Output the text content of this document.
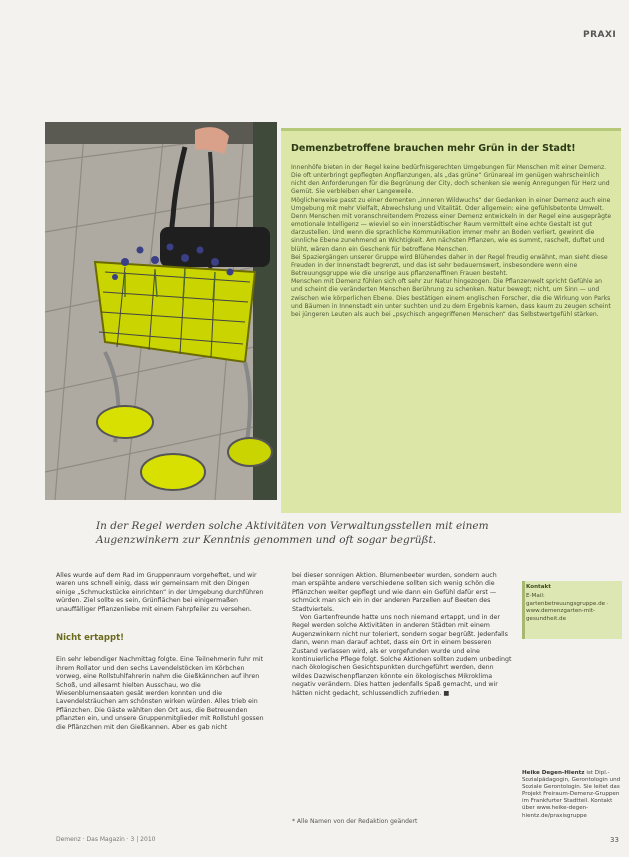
PRAXI
Demenzbetroffene brauchen mehr Grün in der Stadt!

Innenhöfe bieten in der Regel keine bedürfnisgerechten Umgebungen für Menschen mit einer Demenz. Die oft unterbringt gepflegten Anpflanzungen, als „das grüne“ Grünareal im genügen wahrscheinlich nicht den Anforderungen für die Begrünung der City, doch schenken sie wenig Anregungen für Herz und Gemüt. Sie verbleiben eher Langeweile.

Möglicherweise passt zu einer dementen „inneren Wildwuchs“ der Gedanken in einer Demenz auch eine Umgebung mit mehr Vielfalt, Abwechslung und Vitalität. Oder allgemein: eine gefühlsbetonte Umwelt.

Denn Menschen mit voranschreitendem Prozess einer Demenz entwickeln in der Regel eine ausgeprägte emotionale Intelligenz — wieviel so ein innerstädtischer Raum vermittelt eine echte Gestalt ist gut darzustellen. Und wenn die sprachliche Kommunikation immer mehr an Boden verliert, gewinnt die sinnliche Ebene zunehmend an Wichtigkeit. Am nächsten Pflanzen, wie es summt, raschelt, duftet und blüht, wären dann ein Geschenk für betroffene Menschen.

Bei Spaziergängen unserer Gruppe wird Blühendes daher in der Regel freudig erwähnt, man sieht diese Freuden in der Innenstadt begrenzt, und das ist sehr bedauernswert, insbesondere wenn eine Betreuungsgruppe wie die unsrige aus pflanzenaffinen Frauen besteht.

Menschen mit Demenz fühlen sich oft sehr zur Natur hingezogen. Die Pflanzenwelt spricht Gefühle an und scheint die veränderten Menschen Berührung zu schenken. Natur bewegt; nicht, um Sinn — und zwischen wie körperlichen Ebene. Dies bestätigen einem englischen Forscher, die die Wirkung von Parks und Bäumen in Innenstadt ein unter suchten und zu dem Ergebnis kamen, dass kaum zu zeugen scheint bei jüngeren Leuten als auch bei „psychisch angegriffenen Menschen“ das Selbstwertgefühl stärken.

In der Regel werden solche Aktivitäten von Verwaltungsstellen mit einem Augenzwinkern zur Kenntnis genommen und oft sogar begrüßt.

Alles wurde auf dem Rad im Gruppenraum vorgeheftet, und wir waren uns schnell einig, dass wir gemeinsam mit den Dingen einige „Schmuckstücke einrichten“ in der Umgebung durchführen würden. Ziel sollte es sein, Grünflächen bei einigermaßen unauffälliger Pflanzenliebe mit einem Fahrpfeiler zu versehen.

Nicht ertappt!

Ein sehr lebendiger Nachmittag folgte. Eine Teilnehmerin fuhr mit ihrem Rollator und den sechs Lavendelstöcken im Körbchen vorweg, eine Rollstuhlfahrerin nahm die Gießkännchen auf ihren Schoß, und allesamt hielten Ausschau, wo die Wiesenblumensaaten gesät werden konnten und die Lavendelsträuchen am schönsten wirken würden. Alles trieb ein Pflänzchen. Die Gäste wählten den Ort aus, die Betreuenden pflanzten ein, und unsere Gruppenmitglieder mit Rollstuhl gossen die Pflänzchen mit den Gießkannen. Aber es gab nicht

bei dieser sonnigen Aktion. Blumenbeeter wurden, sondern auch man erspähte andere verschiedene sollten sich wenig schön die Pflänzchen weiter gepflegt und wie dann ein Gefühl dafür erst — schmück man sich ein in der anderen Parzellen auf Beeten des Stadtviertels.

Von Gartenfreunde hatte uns noch niemand ertappt, und in der Regel werden solche Aktivitäten in anderen Städten mit einem Augenzwinkern nicht nur toleriert, sondern sogar begrüßt. Jedenfalls dann, wenn man darauf achtet, dass ein Ort in einem besseren Zustand verlassen wird, als er vorgefunden wurde und eine kontinuierliche Pflege folgt. Solche Aktionen sollten zudem unbedingt nach ökologischen Gesichtspunkten durchgeführt werden, denn wildes Dazwischenpflanzen könnte ein ökologisches Mikroklima negativ verändern. Dies hatten jedenfalls Spaß gemacht, und wir hätten nicht gedacht, schlussendlich zufrieden. ■

* Alle Namen von der Redaktion geändert
Kontakt
E-Mail: gartenbetreuungsgruppe.de · www.demenzgarten-mit-gesundheit.de
Heike Degen-Hientz ist Dipl.-Sozialpädagogin, Gerontologin und Soziale Gerontologin. Sie leitet das Projekt Freiraum-Demenz-Gruppen im Frankfurter Stadtteil. Kontakt über www.heike-degen-hientz.de/praxisgruppe
Demenz · Das Magazin · 3 | 2010	33
